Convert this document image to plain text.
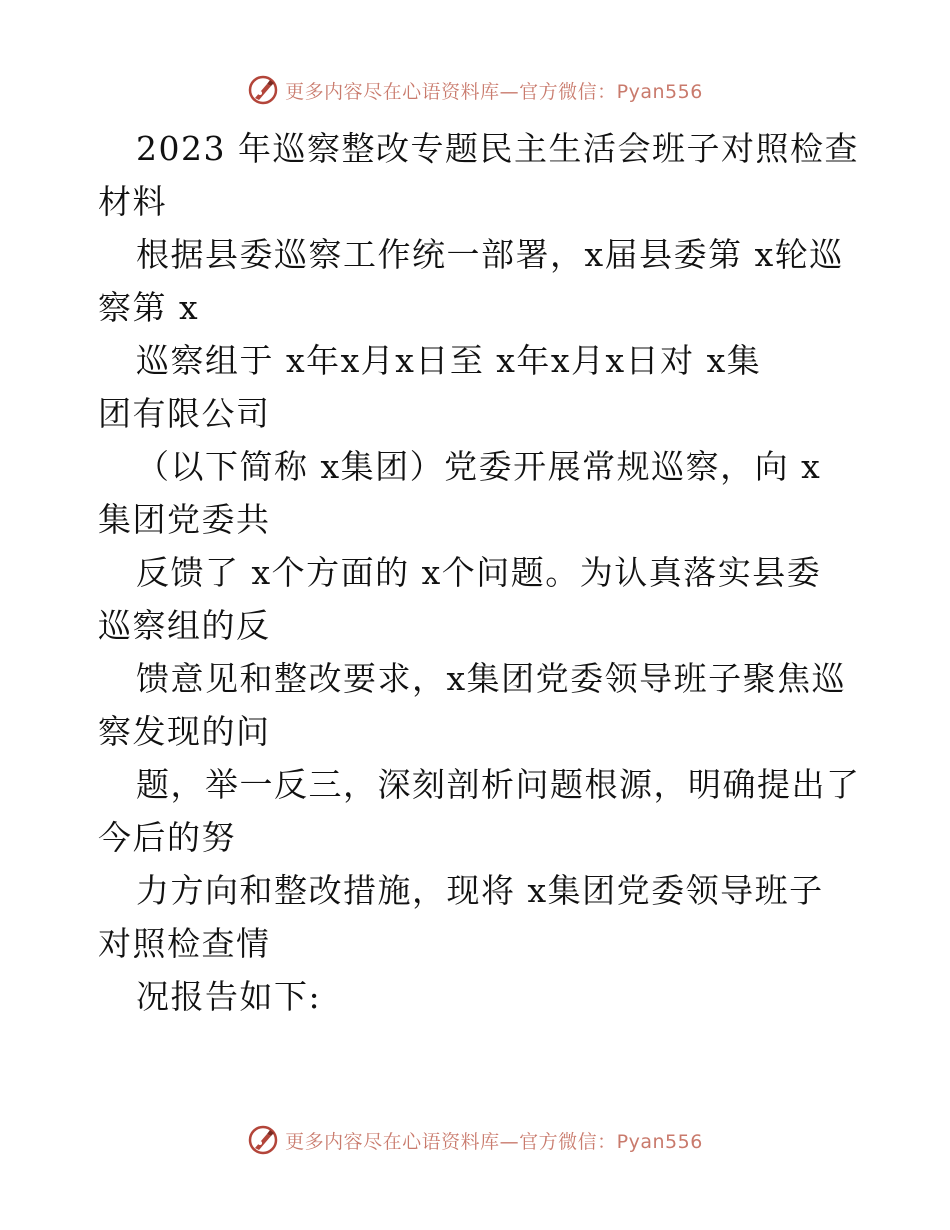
更多内容尽在心语资料库—官方微信：Pyan556
2023 年巡察整改专题民主生活会班子对照检查
材料
根据县委巡察工作统一部署，x届县委第 x轮巡
察第 x
巡察组于 x年x月x日至 x年x月x日对 x集
团有限公司
（以下简称 x集团）党委开展常规巡察，向 x
集团党委共
反馈了 x个方面的 x个问题。为认真落实县委
巡察组的反
馈意见和整改要求，x集团党委领导班子聚焦巡
察发现的问
题，举一反三，深刻剖析问题根源，明确提出了
今后的努
力方向和整改措施，现将 x集团党委领导班子
对照检查情
况报告如下:
更多内容尽在心语资料库—官方微信：Pyan556
